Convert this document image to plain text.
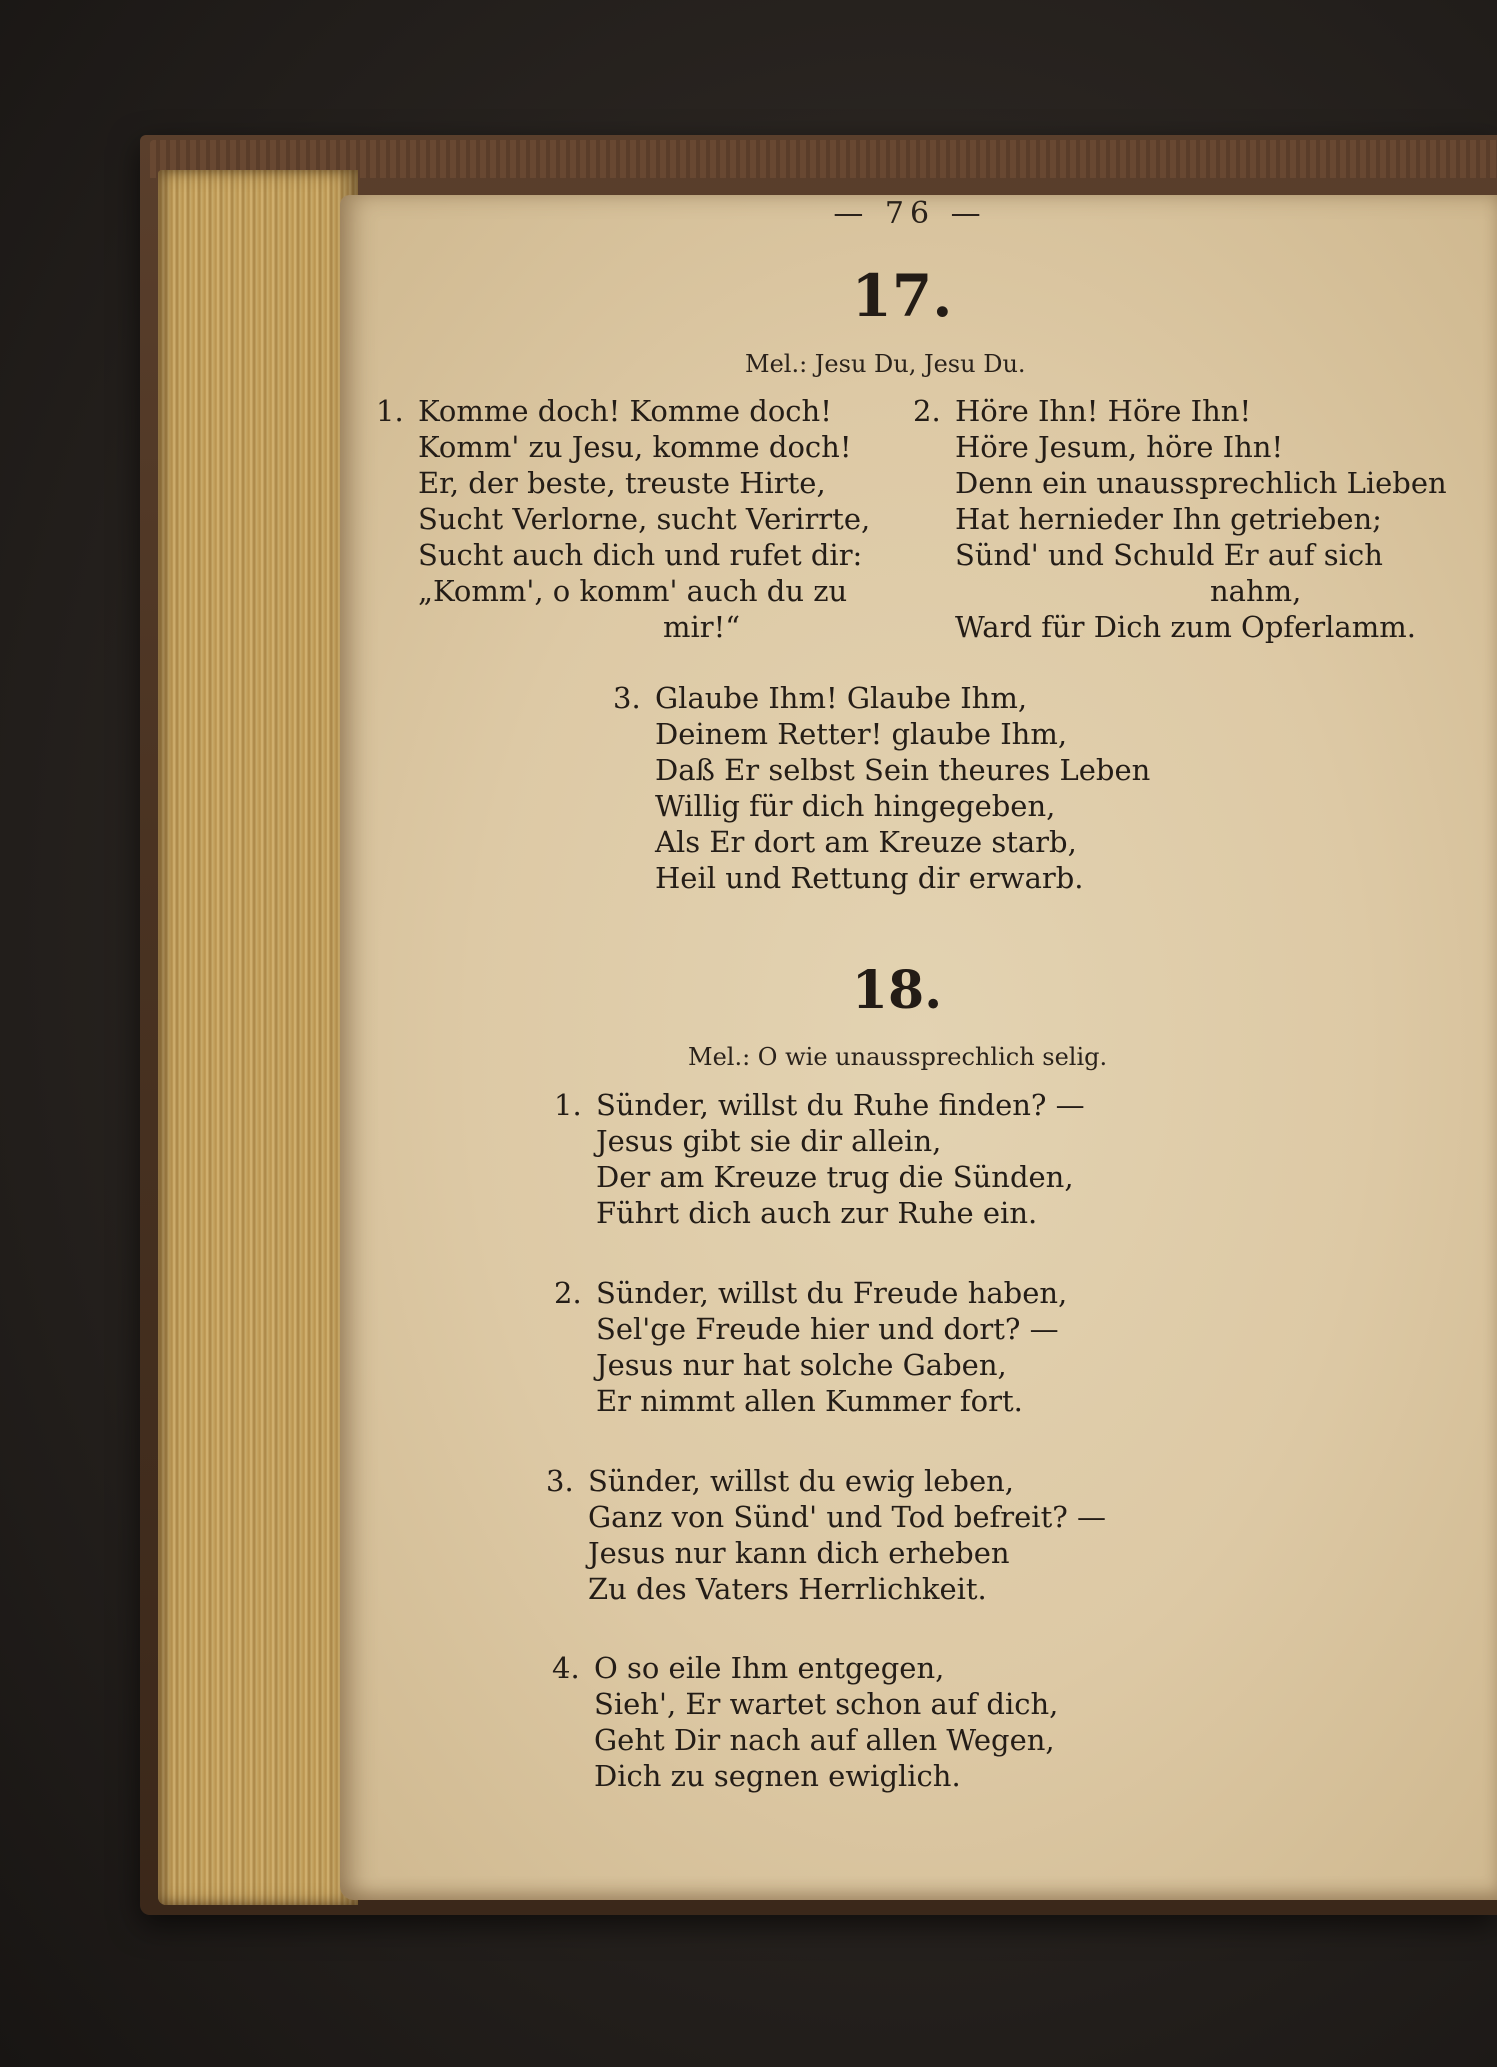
— 76 —
17.
Mel.: Jesu Du, Jesu Du.
1. Komme doch! Komme doch!
Komm' zu Jesu, komme doch!
Er, der beste, treuste Hirte,
Sucht Verlorne, sucht Verirrte,
Sucht auch dich und rufet dir:
„Komm', o komm' auch du zu
mir!“
2. Höre Ihn! Höre Ihn!
Höre Jesum, höre Ihn!
Denn ein unaussprechlich Lieben
Hat hernieder Ihn getrieben;
Sünd' und Schuld Er auf sich
nahm,
Ward für Dich zum Opferlamm.
3. Glaube Ihm! Glaube Ihm,
Deinem Retter! glaube Ihm,
Daß Er selbst Sein theures Leben
Willig für dich hingegeben,
Als Er dort am Kreuze starb,
Heil und Rettung dir erwarb.
18.
Mel.: O wie unaussprechlich selig.
1. Sünder, willst du Ruhe finden? —
Jesus gibt sie dir allein,
Der am Kreuze trug die Sünden,
Führt dich auch zur Ruhe ein.
2. Sünder, willst du Freude haben,
Sel'ge Freude hier und dort? —
Jesus nur hat solche Gaben,
Er nimmt allen Kummer fort.
3. Sünder, willst du ewig leben,
Ganz von Sünd' und Tod befreit? —
Jesus nur kann dich erheben
Zu des Vaters Herrlichkeit.
4. O so eile Ihm entgegen,
Sieh', Er wartet schon auf dich,
Geht Dir nach auf allen Wegen,
Dich zu segnen ewiglich.
